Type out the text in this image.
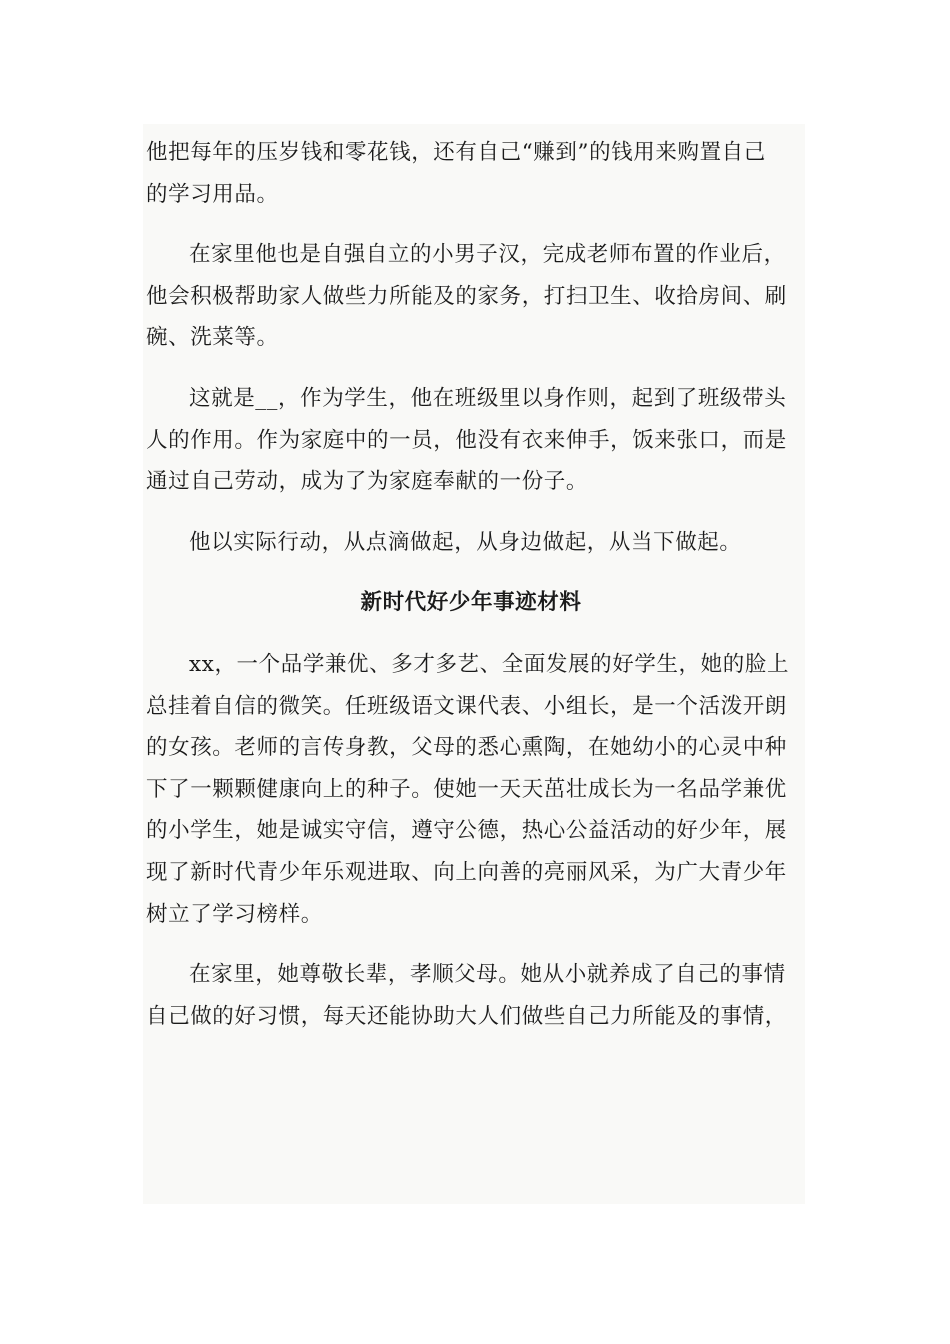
他把每年的压岁钱和零花钱，还有自己“赚到”的钱用来购置自己
的学习用品。

在家里他也是自强自立的小男子汉，完成老师布置的作业后，
他会积极帮助家人做些力所能及的家务，打扫卫生、收拾房间、刷
碗、洗菜等。

这就是__，作为学生，他在班级里以身作则，起到了班级带头
人的作用。作为家庭中的一员，他没有衣来伸手，饭来张口，而是
通过自己劳动，成为了为家庭奉献的一份子。

他以实际行动，从点滴做起，从身边做起，从当下做起。

新时代好少年事迹材料

xx，一个品学兼优、多才多艺、全面发展的好学生，她的脸上
总挂着自信的微笑。任班级语文课代表、小组长，是一个活泼开朗
的女孩。老师的言传身教，父母的悉心熏陶，在她幼小的心灵中种
下了一颗颗健康向上的种子。使她一天天茁壮成长为一名品学兼优
的小学生，她是诚实守信，遵守公德，热心公益活动的好少年，展
现了新时代青少年乐观进取、向上向善的亮丽风采，为广大青少年
树立了学习榜样。

在家里，她尊敬长辈，孝顺父母。她从小就养成了自己的事情
自己做的好习惯，每天还能协助大人们做些自己力所能及的事情，
